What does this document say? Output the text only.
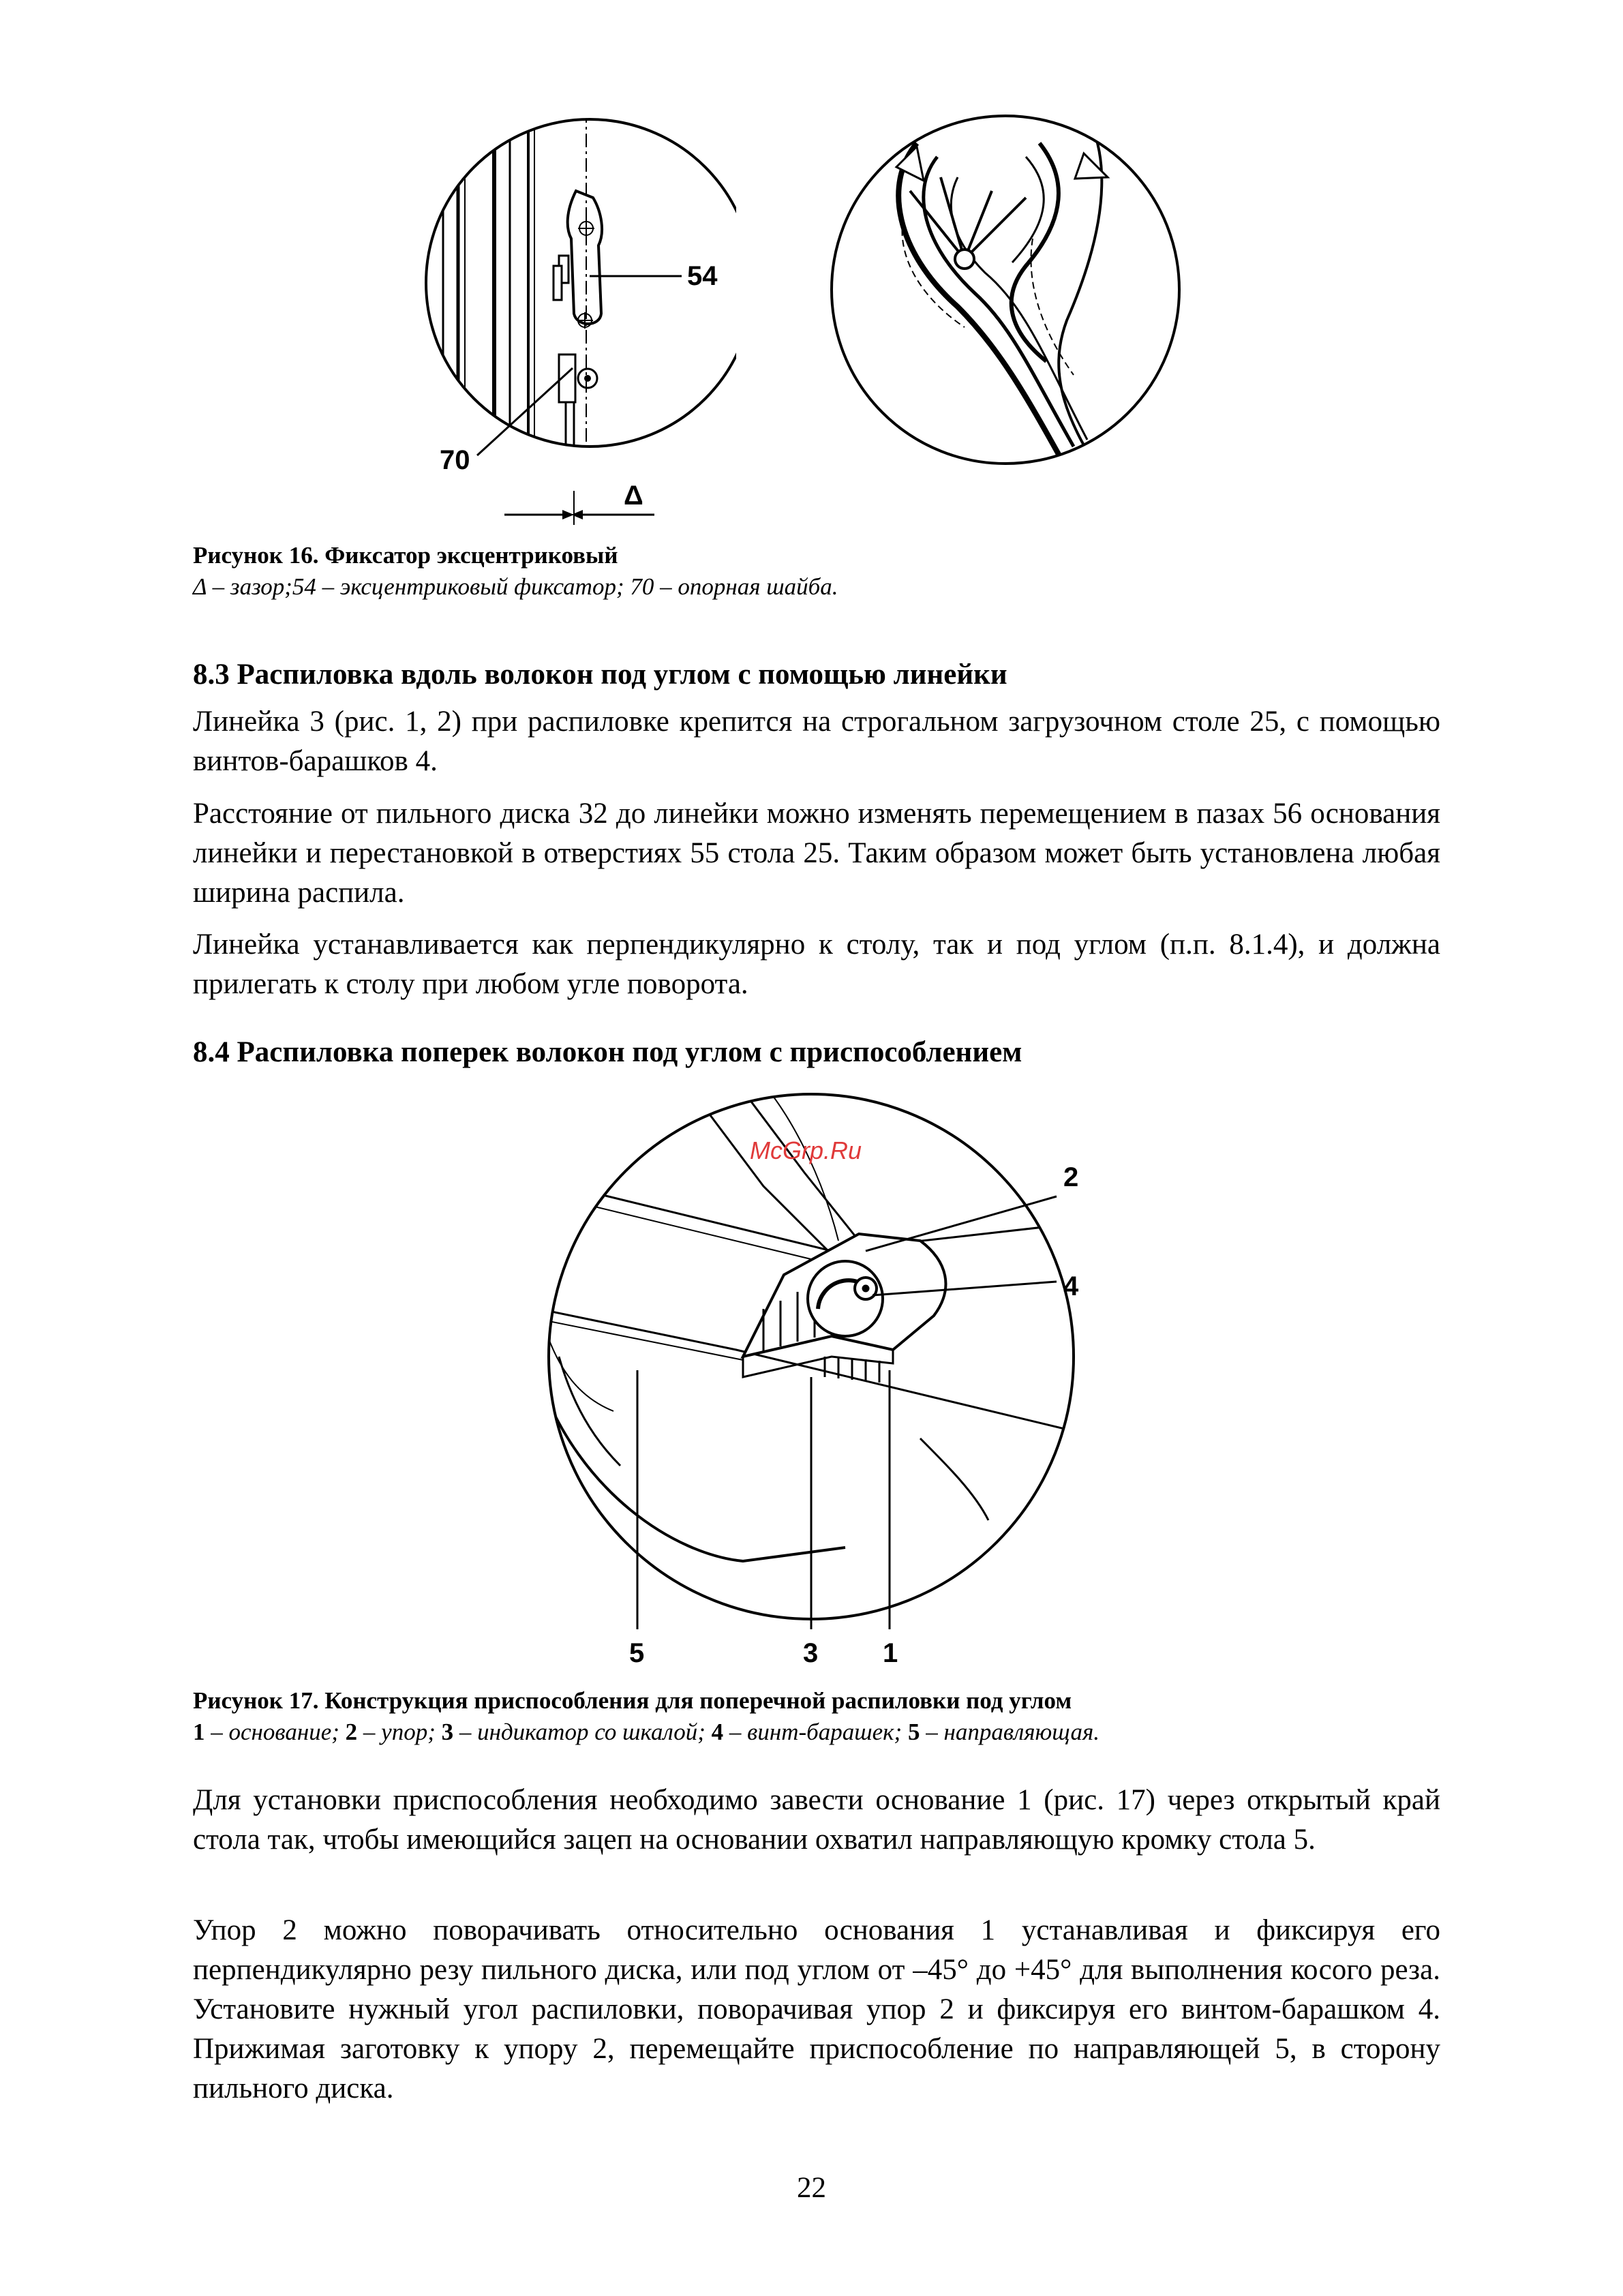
54
70
Δ
Рисунок 16. Фиксатор эксцентриковый
Δ – зазор;54 – эксцентриковый фиксатор; 70 – опорная шайба.
8.3 Распиловка вдоль волокон под углом с помощью линейки

Линейка 3 (рис. 1, 2) при распиловке крепится на строгальном загрузочном столе 25, с помощью винтов-барашков 4.

Расстояние от пильного диска 32 до линейки можно изменять перемещением в пазах 56 основания линейки и перестановкой в отверстиях 55 стола 25. Таким образом может быть установлена любая ширина распила.

Линейка устанавливается как перпендикулярно к столу, так и под углом (п.п. 8.1.4), и должна прилегать к столу при любом угле поворота.

8.4 Распиловка поперек волокон под углом с приспособлением
McGrp.Ru
2
4
5	3 1
Рисунок 17. Конструкция приспособления для поперечной распиловки под углом
1 – основание; 2 – упор; 3 – индикатор со шкалой; 4 – винт-барашек; 5 – направляющая.

Для установки приспособления необходимо завести основание 1 (рис. 17) через открытый край стола так, чтобы имеющийся зацеп на основании охватил направляющую кромку стола 5.

Упор 2 можно поворачивать относительно основания 1 устанавливая и фиксируя его перпендикулярно резу пильного диска, или под углом от –45° до +45° для выполнения косого реза. Установите нужный угол распиловки, поворачивая упор 2 и фиксируя его винтом-барашком 4. Прижимая заготовку к упору 2, перемещайте приспособление по направляющей 5, в сторону пильного диска.

22
